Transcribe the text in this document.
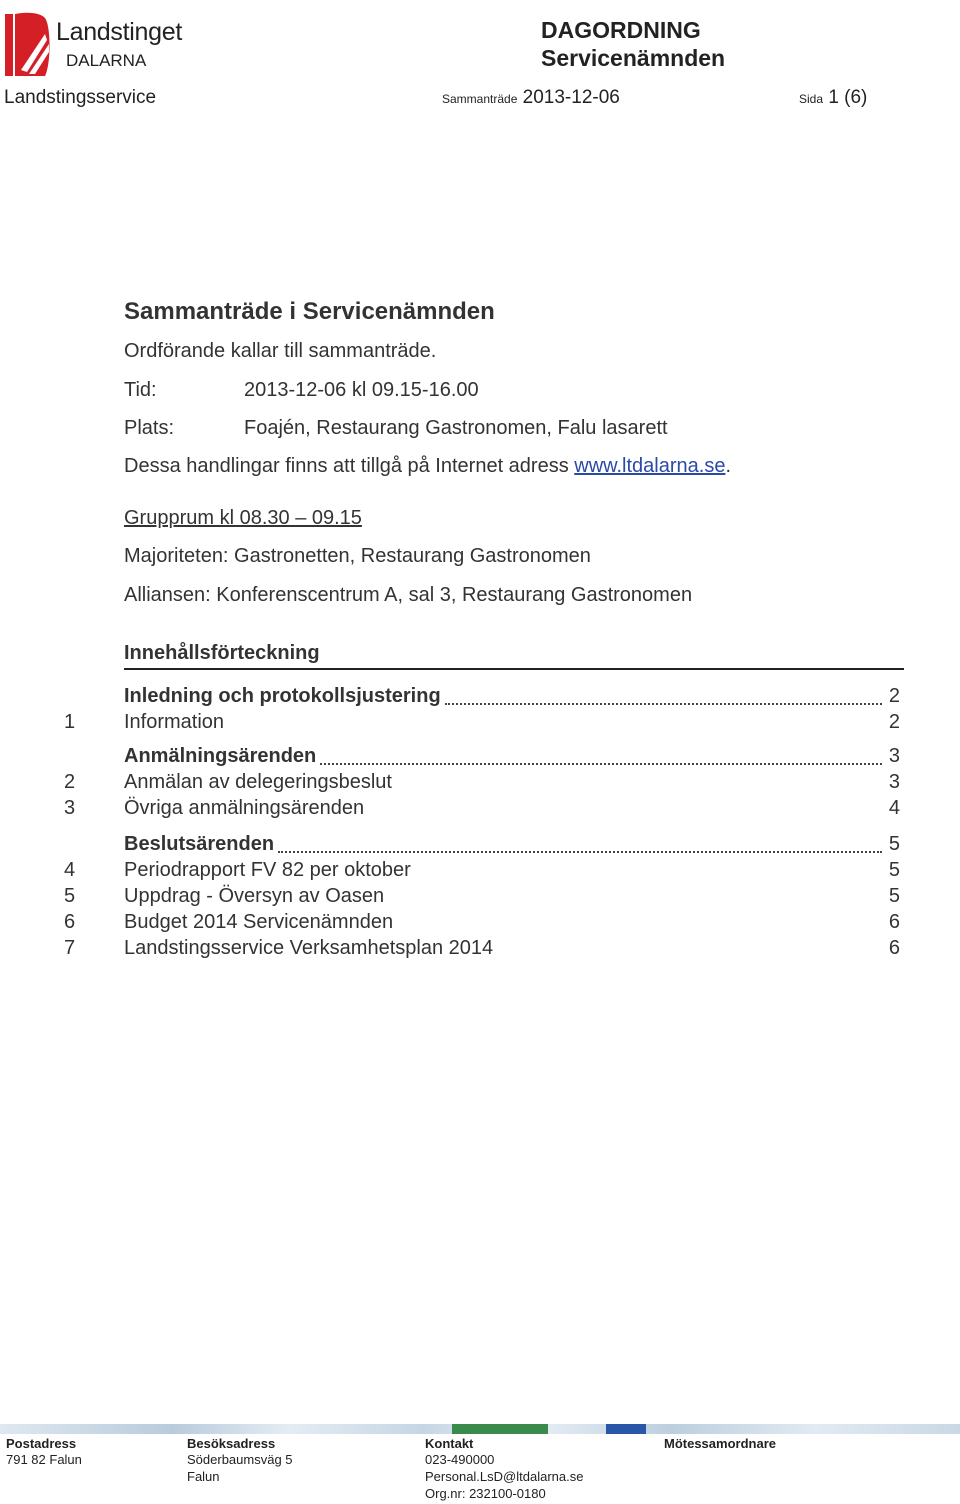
Landstinget
DALARNA
DAGORDNING
Servicenämnden
Landstingsservice	Sammanträde 2013-12-06	Sida 1 (6)
Sammanträde i Servicenämnden
Ordförande kallar till sammanträde.
Tid:	2013-12-06 kl 09.15-16.00
Plats:	Foajén, Restaurang Gastronomen, Falu lasarett
Dessa handlingar finns att tillgå på Internet adress www.ltdalarna.se.
Grupprum kl 08.30 – 09.15
Majoriteten: Gastronetten, Restaurang Gastronomen
Alliansen: Konferenscentrum A, sal 3, Restaurang Gastronomen
Innehållsförteckning
Inledning och protokollsjustering	2
1	Information	2
Anmälningsärenden	3
2	Anmälan av delegeringsbeslut	3
3	Övriga anmälningsärenden	4
Beslutsärenden	5
4	Periodrapport FV 82 per oktober	5
5	Uppdrag - Översyn av Oasen	5
6	Budget 2014 Servicenämnden	6
7	Landstingsservice Verksamhetsplan 2014	6
Postadress
791 82 Falun
Besöksadress
Söderbaumsväg 5
Falun
Kontakt
023-490000
Personal.LsD@ltdalarna.se
Org.nr: 232100-0180
Mötessamordnare
